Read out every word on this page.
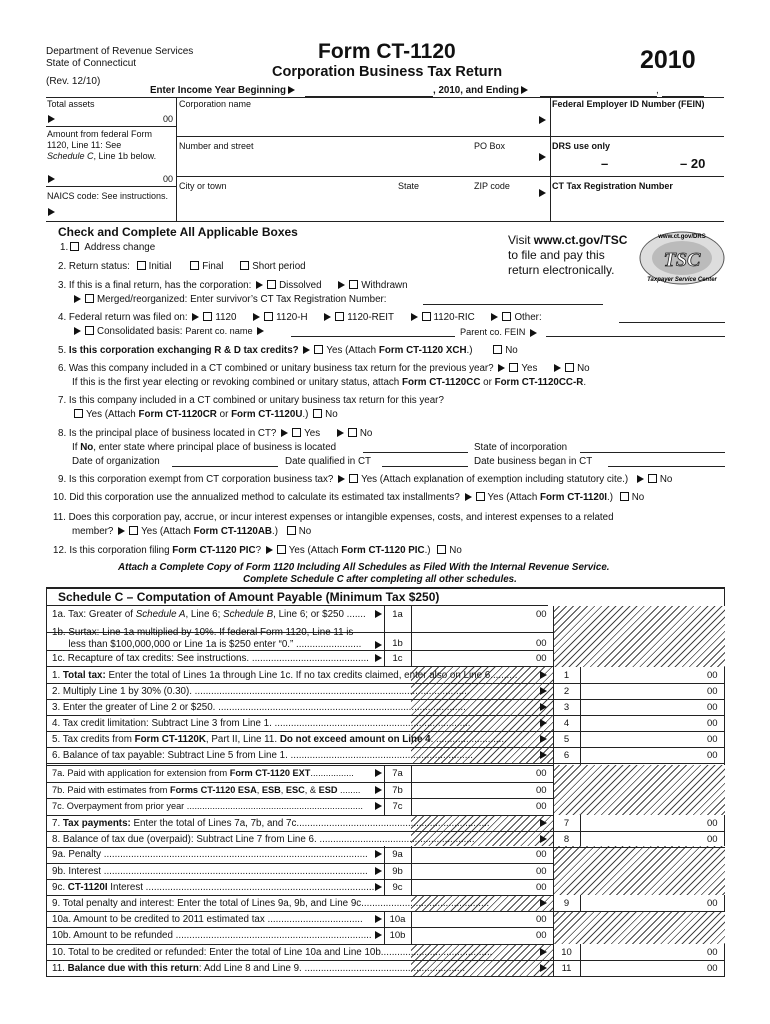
Department of Revenue Services
State of Connecticut
(Rev. 12/10)
Form CT-1120
Corporation Business Tax Return	2010
Enter Income Year Beginning	, 2010, and Ending	,
Total assets
00
Corporation name	Federal Employer ID Number (FEIN)
Amount from federal Form 1120, Line 11: See
Schedule C, Line 1b below.
00
Number and street	PO Box	DRS use only
–	– 20
City or town	State	ZIP code	CT Tax Registration Number
NAICS code: See instructions.
Check and Complete All Applicable Boxes
Visit www.ct.gov/TSC
to file and pay this
return electronically.
www.ct.gov/DRS
TSC
Taxpayer Service Center
1. Address change
2. Return status: Initial	Final	Short period
3. If this is a final return, has the corporation:	Dissolved	Withdrawn
Merged/reorganized: Enter survivor’s CT Tax Registration Number:
4. Federal return was filed on:	1120	1120-H	1120-REIT	1120-RIC	Other:
Consolidated basis: Parent co. name	Parent co. FEIN
5. Is this corporation exchanging R & D tax credits?	Yes (Attach Form CT-1120 XCH.)	No
6. Was this company included in a CT combined or unitary business tax return for the previous year?	Yes	No
If this is the first year electing or revoking combined or unitary status, attach Form CT-1120CC or Form CT-1120CC-R.
7. Is this company included in a CT combined or unitary business tax return for this year?
Yes (Attach Form CT-1120CR or Form CT-1120U.) No
8. Is the principal place of business located in CT?	Yes	No
If No, enter state where principal place of business is located	State of incorporation
Date of organization	Date qualified in CT	Date business began in CT
9. Is this corporation exempt from CT corporation business tax?	Yes (Attach explanation of exemption including statutory cite.)	No
10. Did this corporation use the annualized method to calculate its estimated tax installments?	Yes (Attach Form CT-1120I.) No
11. Does this corporation pay, accrue, or incur interest expenses or intangible expenses, costs, and interest expenses to a related
member?	Yes (Attach Form CT-1120AB.) No
12. Is this corporation filing Form CT-1120 PIC?	Yes (Attach Form CT-1120 PIC.) No
Attach a Complete Copy of Form 1120 Including All Schedules as Filed With the Internal Revenue Service.
Complete Schedule C after completing all other schedules.
Schedule C – Computation of Amount Payable (Minimum Tax $250)
1a. Tax: Greater of Schedule A, Line 6; Schedule B, Line 6; or $250 .......	1a	00
1b. Surtax: Line 1a multiplied by 10%. If federal Form 1120, Line 11 is
less than $100,000,000 or Line 1a is $250 enter “0.” ........................	1b	00
1c. Recapture of tax credits: See instructions. ...........................................	1c	00
1. Total tax: Enter the total of Lines 1a through Line 1c. If no tax credits claimed, enter also on Line 6..........	1	00
2. Multiply Line 1 by 30% (0.30). .....................................................................................................	2	00
3. Enter the greater of Line 2 or $250. ...........................................................................................	3	00
4. Tax credit limitation: Subtract Line 3 from Line 1. ........................................................................	4	00
5. Tax credits from Form CT-1120K, Part II, Line 11. Do not exceed amount on Line 4. ..........................	5	00
6. Balance of tax payable: Subtract Line 5 from Line 1. ...................................................................	6	00
7a. Paid with application for extension from Form CT-1120 EXT.................	7a	00
7b. Paid with estimates from Forms CT-1120 ESA, ESB, ESC, & ESD ........	7b	00
7c. Overpayment from prior year .....................................................................	7c	00
7. Tax payments: Enter the total of Lines 7a, 7b, and 7c.......................................................................	7	00
8. Balance of tax due (overpaid): Subtract Line 7 from Line 6. .........................................................	8	00
9a. Penalty .................................................................................................	9a	00
9b. Interest .................................................................................................	9b	00
9c. CT-1120I Interest ....................................................................................	9c	00
9. Total penalty and interest: Enter the total of Lines 9a, 9b, and Line 9c...............................................	9	00
10a. Amount to be credited to 2011 estimated tax ...................................	10a	00
10b. Amount to be refunded ........................................................................	10b	00
10. Total to be credited or refunded: Enter the total of Line 10a and Line 10b.........................................	10	00
11. Balance due with this return: Add Line 8 and Line 9. ...........................................................	11	00
